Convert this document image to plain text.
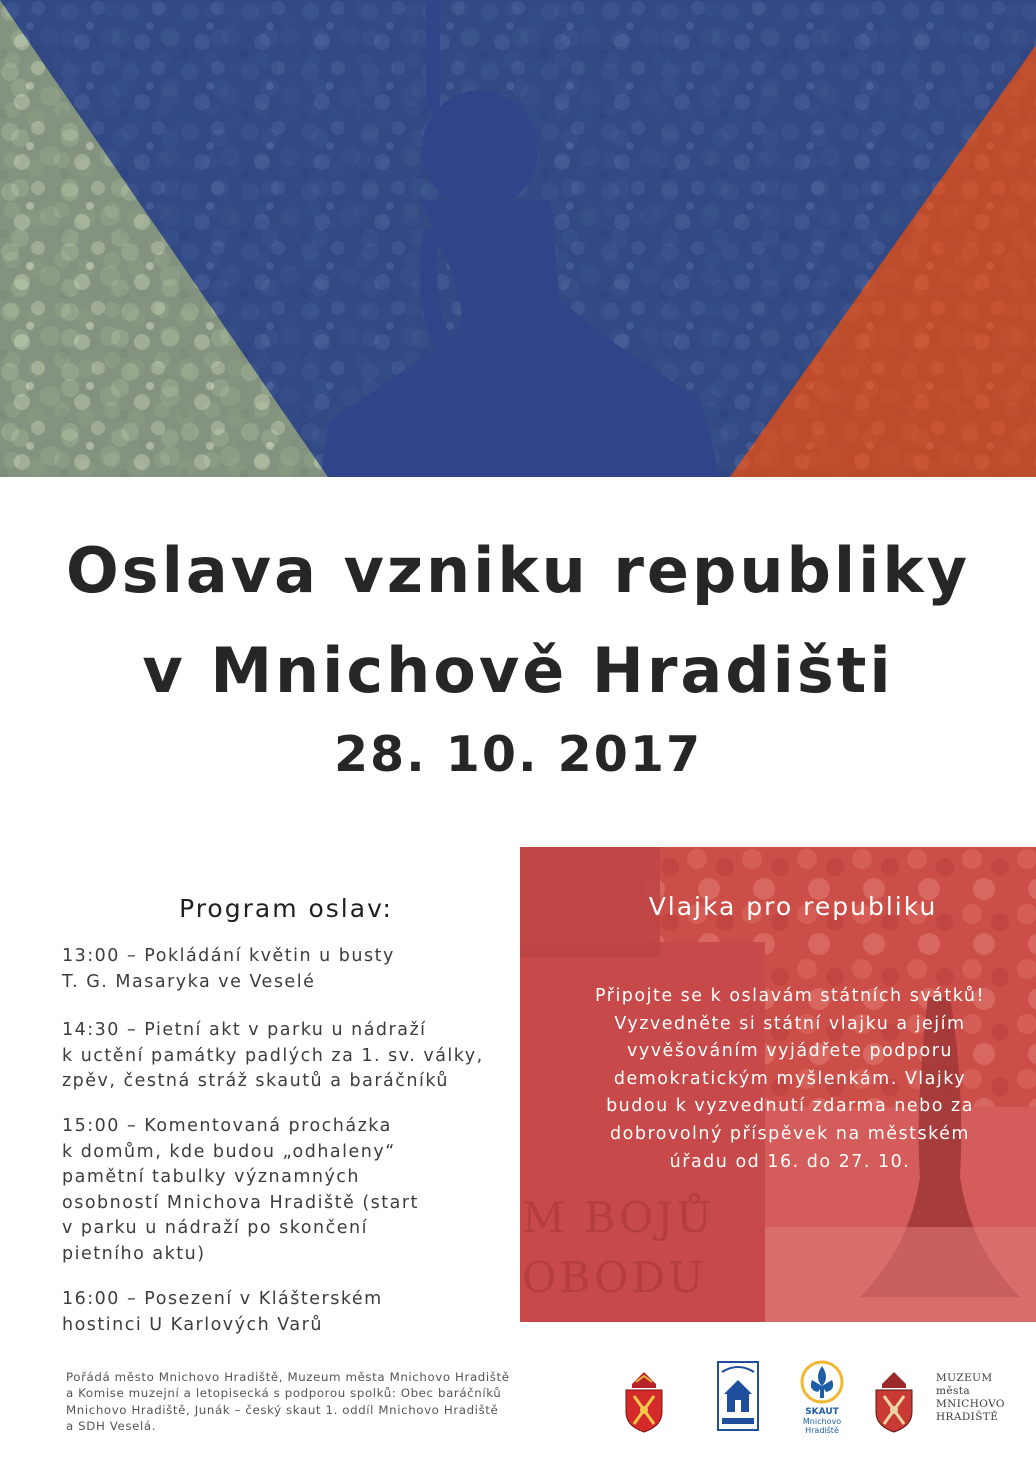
Oslava vzniku republiky
v Mnichově Hradišti
28. 10. 2017
Program oslav:
13:00 – Pokládání květin u busty
T. G. Masaryka ve Veselé
14:30 – Pietní akt v parku u nádraží
k uctění památky padlých za 1. sv. války,
zpěv, čestná stráž skautů a baráčníků
15:00 – Komentovaná procházka
k domům, kde budou „odhaleny“
pamětní tabulky významných
osobností Mnichova Hradiště (start
v parku u nádraží po skončení
pietního aktu)
16:00 – Posezení v Klášterském
hostinci U Karlových Varů
M BOJŮ
OBODU
Vlajka pro republiku
Připojte se k oslavám státních svátků!
Vyzvedněte si státní vlajku a jejím
vyvěšováním vyjádřete podporu
demokratickým myšlenkám. Vlajky
budou k vyzvednutí zdarma nebo za
dobrovolný příspěvek na městském
úřadu od 16. do 27. 10.
Pořádá město Mnichovo Hradiště, Muzeum města Mnichovo Hradiště
a Komise muzejní a letopisecká s podporou spolků: Obec baráčníků
Mnichovo Hradiště, Junák – český skaut 1. oddíl Mnichovo Hradiště
a SDH Veselá.
SKAUT
Mnichovo Hradiště
MUZEUM
města
MNICHOVO
HRADIŠTĚ
